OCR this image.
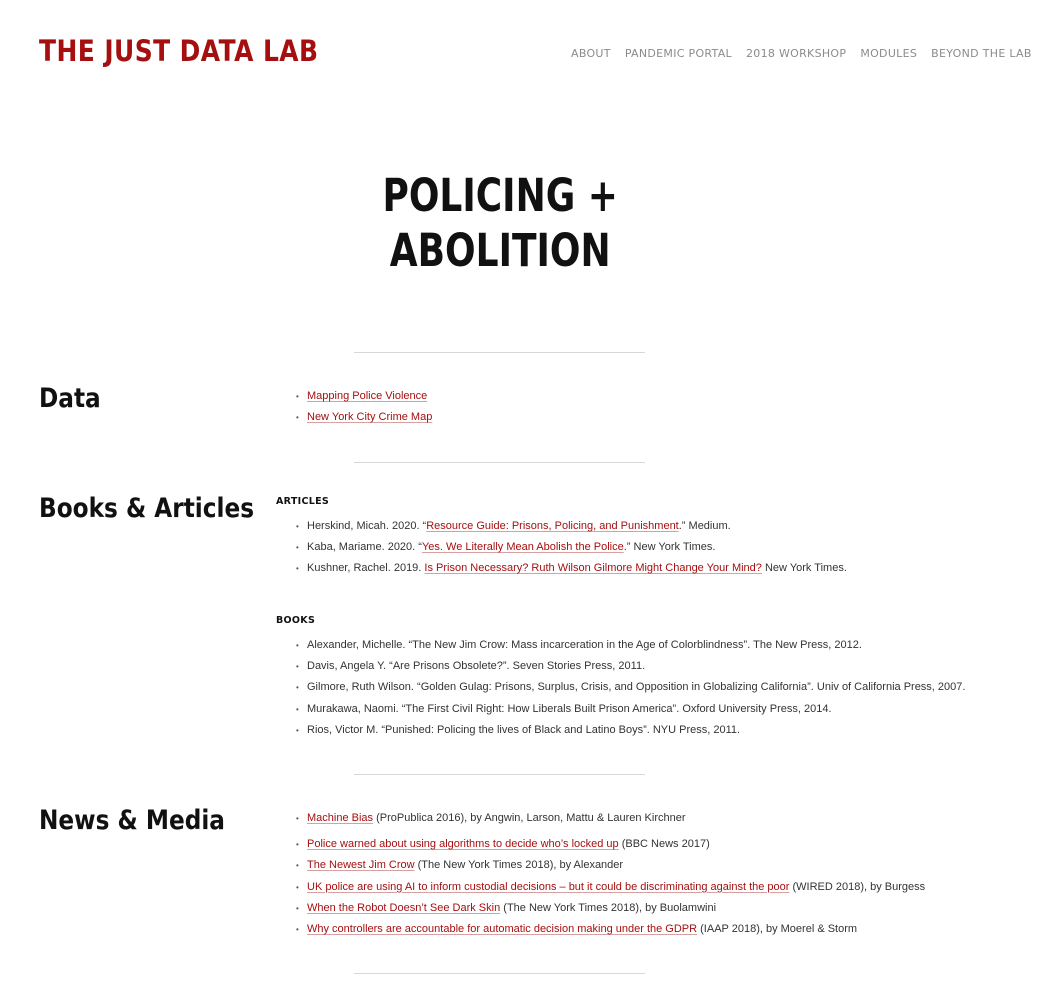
THE JUST DATA LAB	ABOUT PANDEMIC PORTAL 2018 WORKSHOP MODULES BEYOND THE LAB
POLICING +
ABOLITION
Data	• Mapping Police Violence
• New York City Crime Map
Books & Articles ARTICLES
• Herskind, Micah. 2020. “Resource Guide: Prisons, Policing, and Punishment.” Medium.
• Kaba, Mariame. 2020. “Yes. We Literally Mean Abolish the Police.” New York Times.
• Kushner, Rachel. 2019. Is Prison Necessary? Ruth Wilson Gilmore Might Change Your Mind? New York Times.
BOOKS
• Alexander, Michelle. “The New Jim Crow: Mass incarceration in the Age of Colorblindness”. The New Press, 2012.
• Davis, Angela Y. “Are Prisons Obsolete?”. Seven Stories Press, 2011.
• Gilmore, Ruth Wilson. “Golden Gulag: Prisons, Surplus, Crisis, and Opposition in Globalizing California”. Univ of California Press, 2007.
• Murakawa, Naomi. “The First Civil Right: How Liberals Built Prison America”. Oxford University Press, 2014.
• Rios, Victor M. “Punished: Policing the lives of Black and Latino Boys”. NYU Press, 2011.
News & Media	• Machine Bias (ProPublica 2016), by Angwin, Larson, Mattu & Lauren Kirchner
• Police warned about using algorithms to decide who’s locked up (BBC News 2017)
• The Newest Jim Crow (The New York Times 2018), by Alexander
• UK police are using AI to inform custodial decisions – but it could be discriminating against the poor (WIRED 2018), by Burgess
• When the Robot Doesn’t See Dark Skin (The New York Times 2018), by Buolamwini
• Why controllers are accountable for automatic decision making under the GDPR (IAAP 2018), by Moerel & Storm
